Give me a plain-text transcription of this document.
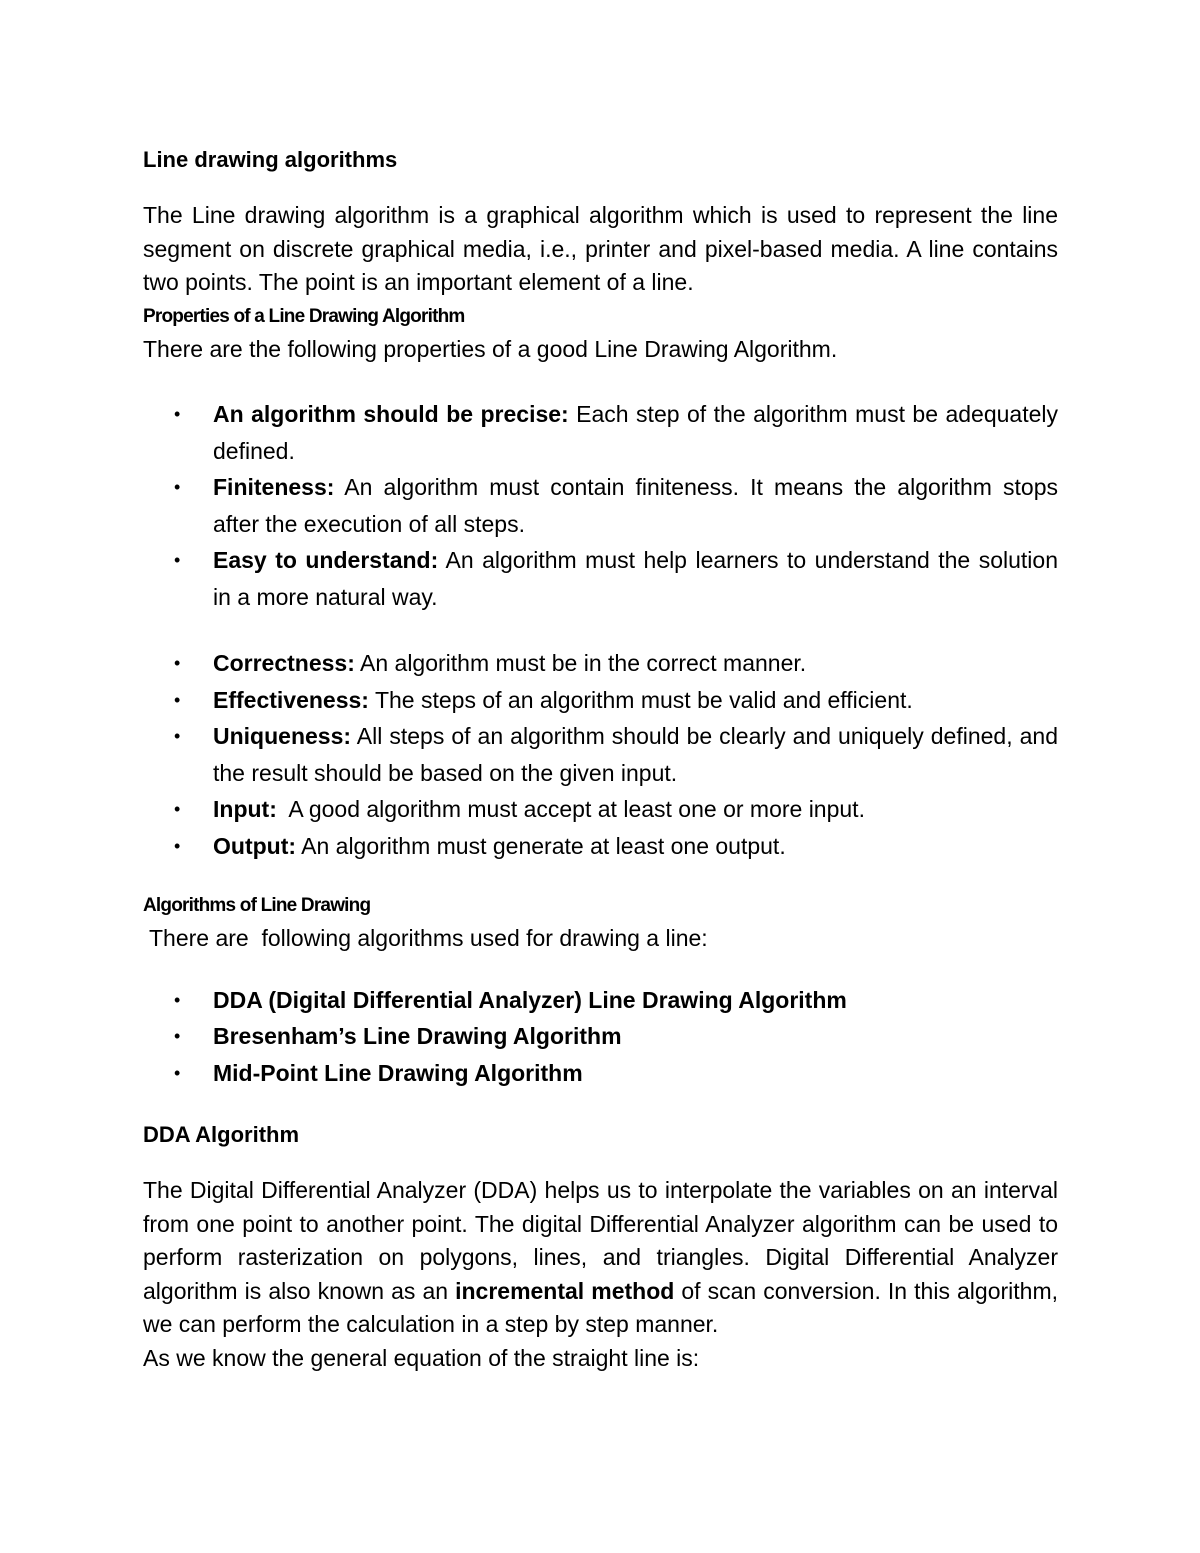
Line drawing algorithms

The Line drawing algorithm is a graphical algorithm which is used to represent the line segment on discrete graphical media, i.e., printer and pixel-based media. A line contains two points. The point is an important element of a line.

Properties of a Line Drawing Algorithm

There are the following properties of a good Line Drawing Algorithm.

• An algorithm should be precise: Each step of the algorithm must be adequately defined.
• Finiteness: An algorithm must contain finiteness. It means the algorithm stops after the execution of all steps.
• Easy to understand: An algorithm must help learners to understand the solution in a more natural way.
• Correctness: An algorithm must be in the correct manner.
• Effectiveness: The steps of an algorithm must be valid and efficient.
• Uniqueness: All steps of an algorithm should be clearly and uniquely defined, and the result should be based on the given input.
• Input:  A good algorithm must accept at least one or more input.
• Output: An algorithm must generate at least one output.
Algorithms of Line Drawing

There are  following algorithms used for drawing a line:

• DDA (Digital Differential Analyzer) Line Drawing Algorithm
• Bresenham’s Line Drawing Algorithm
• Mid-Point Line Drawing Algorithm
DDA Algorithm

The Digital Differential Analyzer (DDA) helps us to interpolate the variables on an interval from one point to another point. The digital Differential Analyzer algorithm can be used to perform rasterization on polygons, lines, and triangles. Digital Differential Analyzer algorithm is also known as an incremental method of scan conversion. In this algorithm, we can perform the calculation in a step by step manner.

As we know the general equation of the straight line is:
